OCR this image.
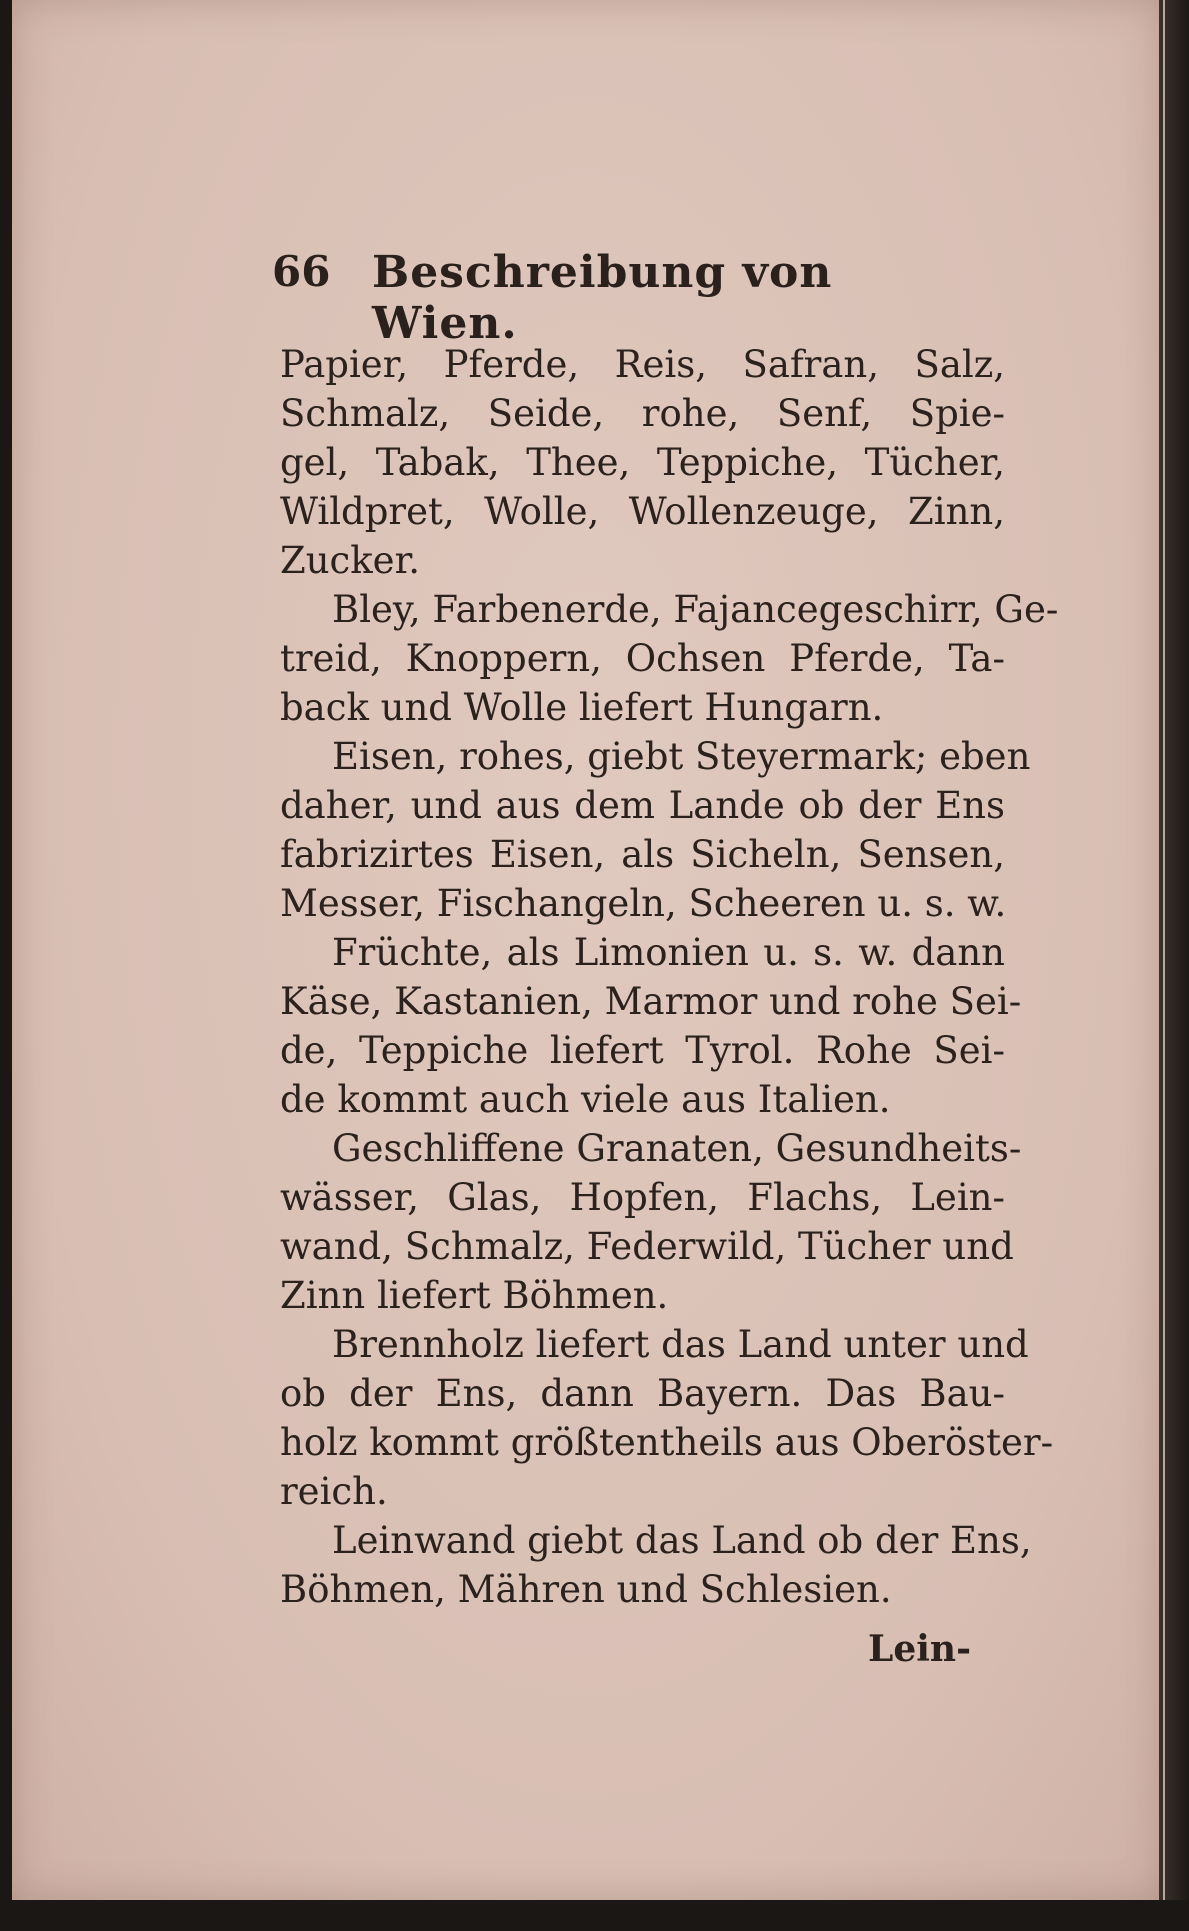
66 Beschreibung von Wien.
Papier, Pferde, Reis, Safran, Salz,
Schmalz, Seide, rohe, Senf, Spie-
gel, Tabak, Thee, Teppiche, Tücher,
Wildpret, Wolle, Wollenzeuge, Zinn,
Zucker.
Bley, Farbenerde, Fajancegeschirr, Ge-
treid, Knoppern, Ochsen Pferde, Ta-
back und Wolle liefert Hungarn.
Eisen, rohes, giebt Steyermark; eben
daher, und aus dem Lande ob der Ens
fabrizirtes Eisen, als Sicheln, Sensen,
Messer, Fischangeln, Scheeren u. s. w.
Früchte, als Limonien u. s. w. dann
Käse, Kastanien, Marmor und rohe Sei-
de, Teppiche liefert Tyrol. Rohe Sei-
de kommt auch viele aus Italien.
Geschliffene Granaten, Gesundheits-
wässer, Glas, Hopfen, Flachs, Lein-
wand, Schmalz, Federwild, Tücher und
Zinn liefert Böhmen.
Brennholz liefert das Land unter und
ob der Ens, dann Bayern. Das Bau-
holz kommt größtentheils aus Oberöster-
reich.
Leinwand giebt das Land ob der Ens,
Böhmen, Mähren und Schlesien.
Lein-
